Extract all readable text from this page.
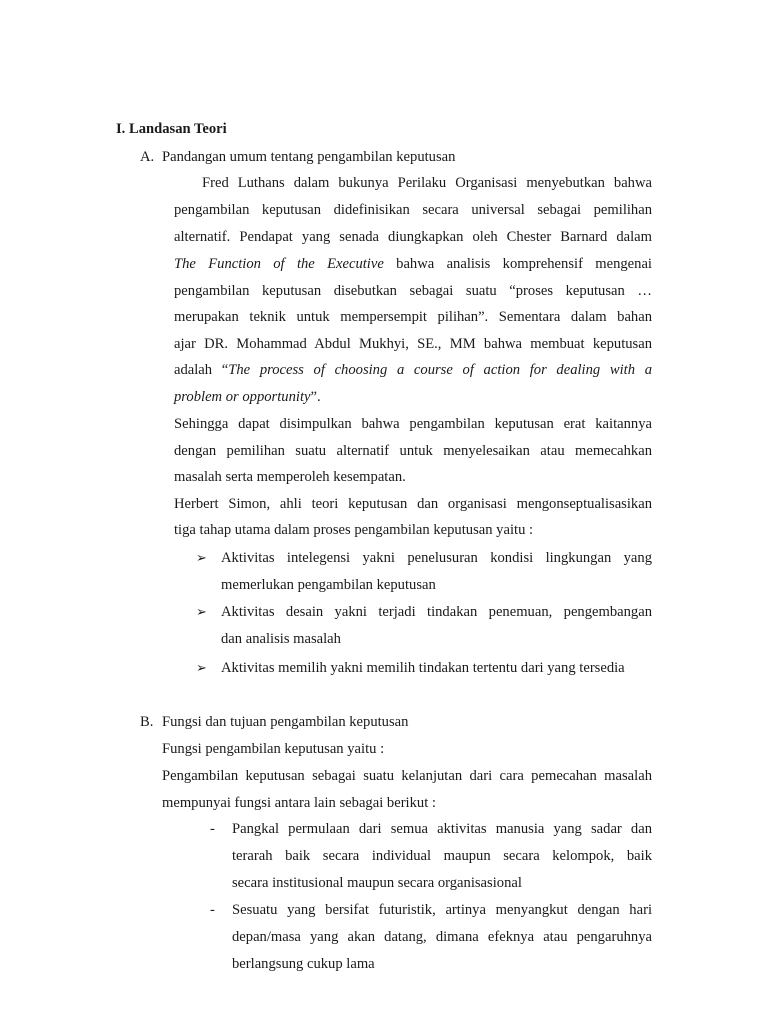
I. Landasan Teori
A. Pandangan umum tentang pengambilan keputusan
Fred Luthans dalam bukunya Perilaku Organisasi menyebutkan bahwa
pengambilan keputusan didefinisikan secara universal sebagai pemilihan
alternatif. Pendapat yang senada diungkapkan oleh Chester Barnard dalam
The Function of the Executive bahwa analisis komprehensif mengenai
pengambilan keputusan disebutkan sebagai suatu “proses keputusan …
merupakan teknik untuk mempersempit pilihan”. Sementara dalam bahan
ajar DR. Mohammad Abdul Mukhyi, SE., MM bahwa membuat keputusan
adalah “The process of choosing a course of action for dealing with a
problem or opportunity”.
Sehingga dapat disimpulkan bahwa pengambilan keputusan erat kaitannya
dengan pemilihan suatu alternatif untuk menyelesaikan atau memecahkan
masalah serta memperoleh kesempatan.
Herbert Simon, ahli teori keputusan dan organisasi mengonseptualisasikan
tiga tahap utama dalam proses pengambilan keputusan yaitu :
➢ Aktivitas intelegensi yakni penelusuran kondisi lingkungan yang
memerlukan pengambilan keputusan
➢ Aktivitas desain yakni terjadi tindakan penemuan, pengembangan
dan analisis masalah
➢ Aktivitas memilih yakni memilih tindakan tertentu dari yang tersedia
B. Fungsi dan tujuan pengambilan keputusan
Fungsi pengambilan keputusan yaitu :
Pengambilan keputusan sebagai suatu kelanjutan dari cara pemecahan masalah
mempunyai fungsi antara lain sebagai berikut :
- Pangkal permulaan dari semua aktivitas manusia yang sadar dan
terarah baik secara individual maupun secara kelompok, baik
secara institusional maupun secara organisasional
- Sesuatu yang bersifat futuristik, artinya menyangkut dengan hari
depan/masa yang akan datang, dimana efeknya atau pengaruhnya
berlangsung cukup lama
